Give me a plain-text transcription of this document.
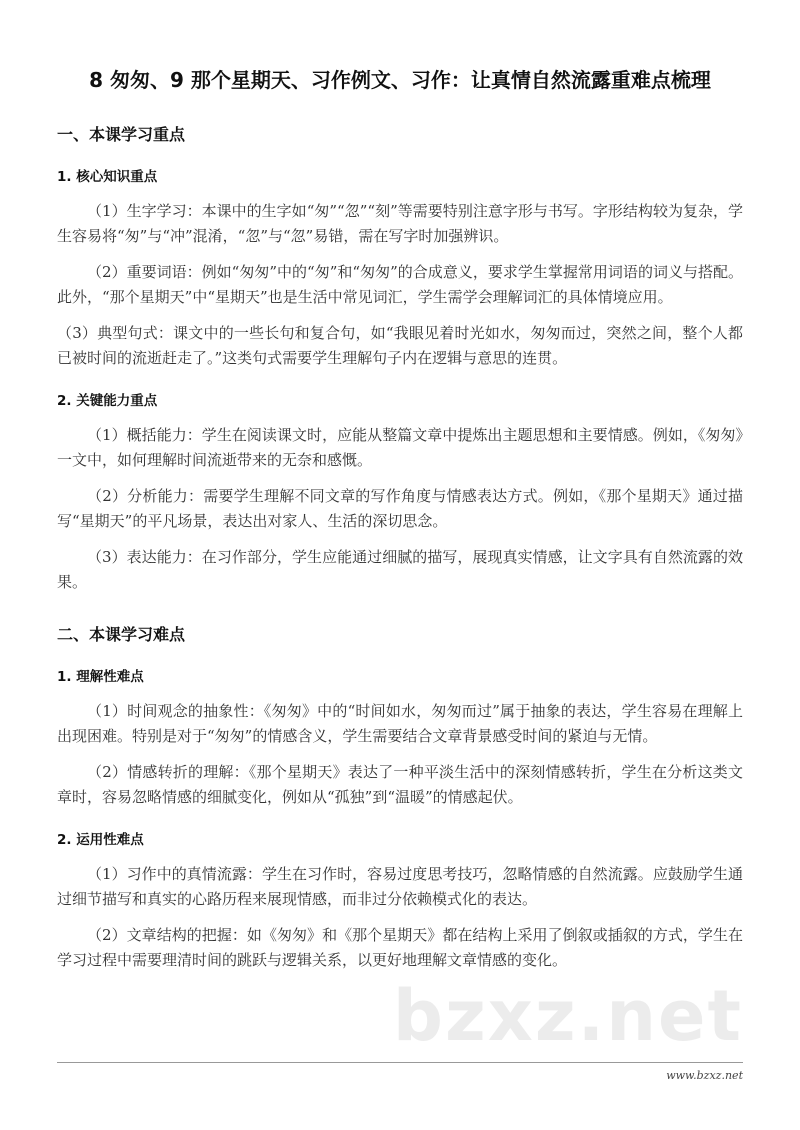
8 匆匆、9 那个星期天、习作例文、习作：让真情自然流露重难点梳理
一、本课学习重点
1. 核心知识重点
（1）生字学习：本课中的生字如“匆”“忽”“刻”等需要特别注意字形与书写。字形结构较为复杂，学生容易将“匆”与“冲”混淆，“忽”与“忽”易错，需在写字时加强辨识。
（2）重要词语：例如“匆匆”中的“匆”和“匆匆”的合成意义，要求学生掌握常用词语的词义与搭配。此外，“那个星期天”中“星期天”也是生活中常见词汇，学生需学会理解词汇的具体情境应用。
（3）典型句式：课文中的一些长句和复合句，如“我眼见着时光如水，匆匆而过，突然之间，整个人都已被时间的流逝赶走了。”这类句式需要学生理解句子内在逻辑与意思的连贯。
2. 关键能力重点
（1）概括能力：学生在阅读课文时，应能从整篇文章中提炼出主题思想和主要情感。例如，《匆匆》一文中，如何理解时间流逝带来的无奈和感慨。
（2）分析能力：需要学生理解不同文章的写作角度与情感表达方式。例如，《那个星期天》通过描写“星期天”的平凡场景，表达出对家人、生活的深切思念。
（3）表达能力：在习作部分，学生应能通过细腻的描写，展现真实情感，让文字具有自然流露的效果。
二、本课学习难点
1. 理解性难点
（1）时间观念的抽象性：《匆匆》中的“时间如水，匆匆而过”属于抽象的表达，学生容易在理解上出现困难。特别是对于“匆匆”的情感含义，学生需要结合文章背景感受时间的紧迫与无情。
（2）情感转折的理解：《那个星期天》表达了一种平淡生活中的深刻情感转折，学生在分析这类文章时，容易忽略情感的细腻变化，例如从“孤独”到“温暖”的情感起伏。
2. 运用性难点
（1）习作中的真情流露：学生在习作时，容易过度思考技巧，忽略情感的自然流露。应鼓励学生通过细节描写和真实的心路历程来展现情感，而非过分依赖模式化的表达。
（2）文章结构的把握：如《匆匆》和《那个星期天》都在结构上采用了倒叙或插叙的方式，学生在学习过程中需要理清时间的跳跃与逻辑关系，以更好地理解文章情感的变化。
bzxz.net
www.bzxz.net
